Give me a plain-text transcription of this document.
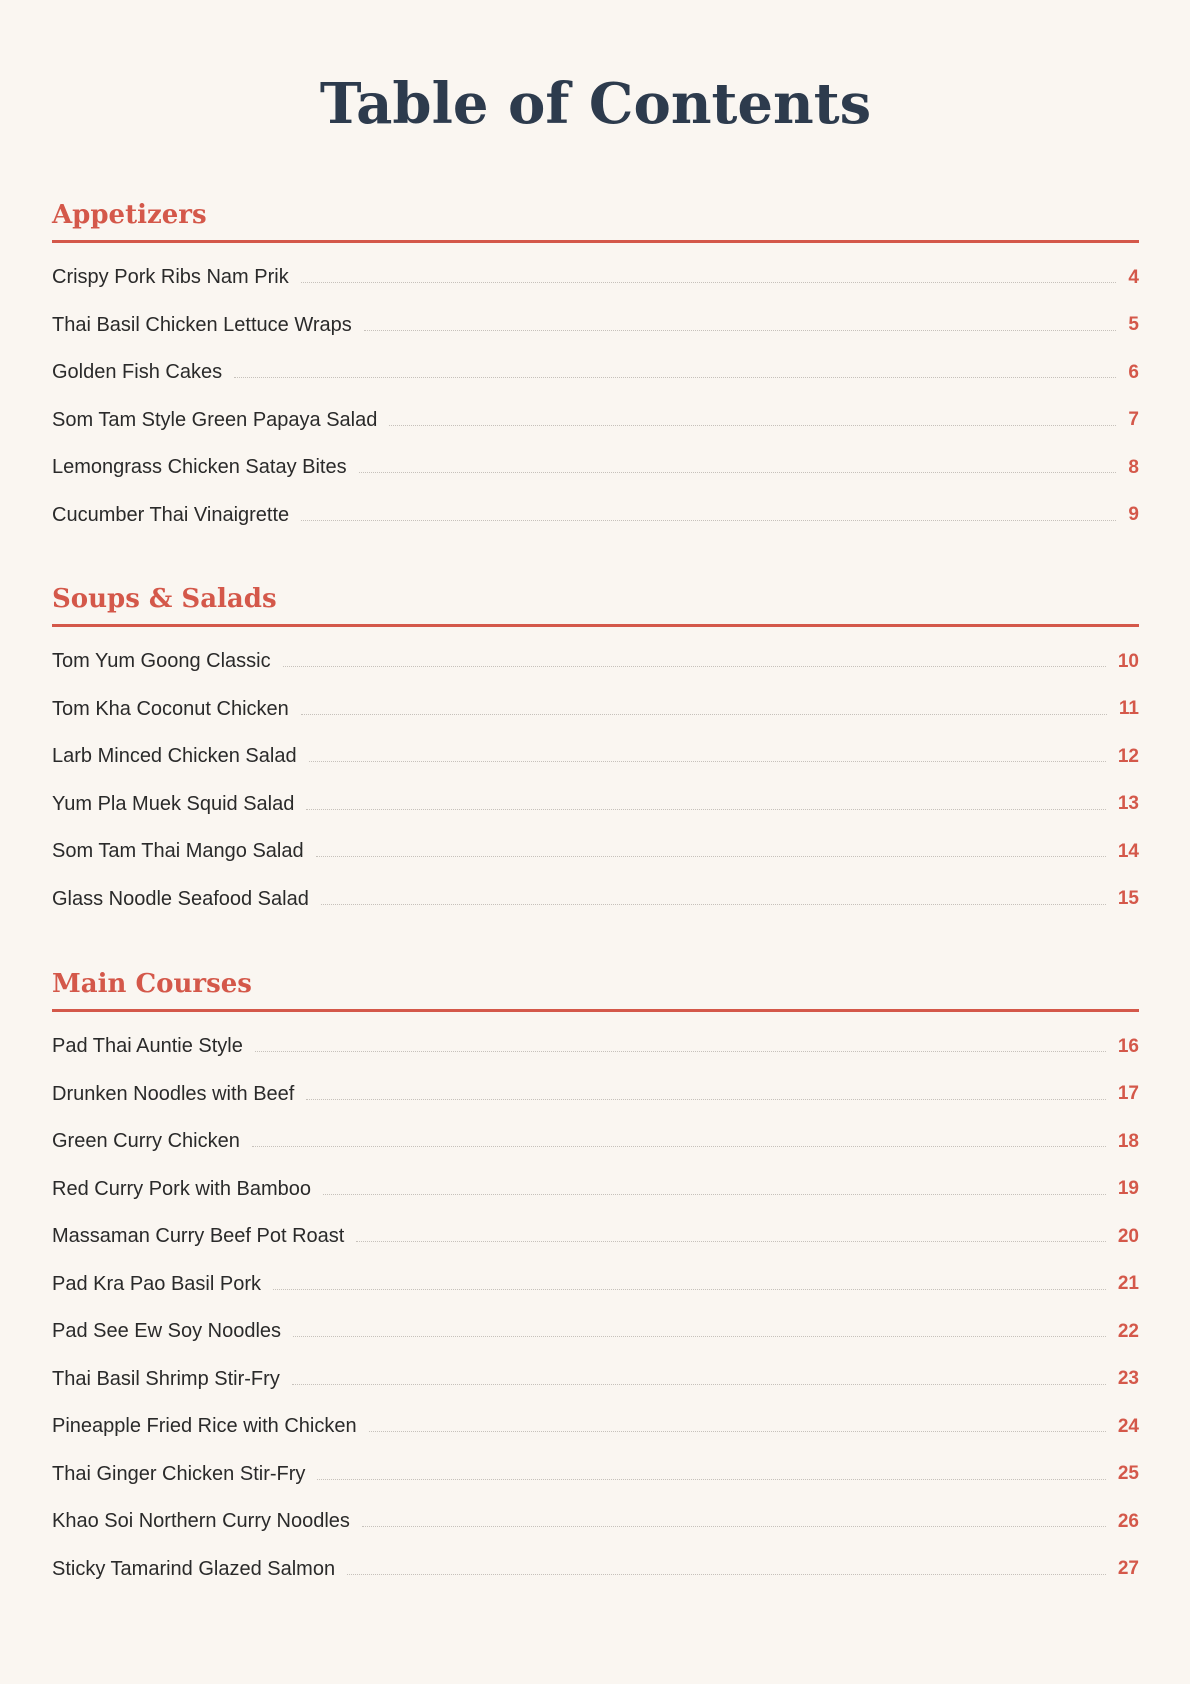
Table of Contents
Appetizers
Crispy Pork Ribs Nam Prik	4
Thai Basil Chicken Lettuce Wraps	5
Golden Fish Cakes	6
Som Tam Style Green Papaya Salad	7
Lemongrass Chicken Satay Bites	8
Cucumber Thai Vinaigrette	9
Soups & Salads
Tom Yum Goong Classic	10
Tom Kha Coconut Chicken	11
Larb Minced Chicken Salad	12
Yum Pla Muek Squid Salad	13
Som Tam Thai Mango Salad	14
Glass Noodle Seafood Salad	15
Main Courses
Pad Thai Auntie Style	16
Drunken Noodles with Beef	17
Green Curry Chicken	18
Red Curry Pork with Bamboo	19
Massaman Curry Beef Pot Roast	20
Pad Kra Pao Basil Pork	21
Pad See Ew Soy Noodles	22
Thai Basil Shrimp Stir-Fry	23
Pineapple Fried Rice with Chicken	24
Thai Ginger Chicken Stir-Fry	25
Khao Soi Northern Curry Noodles	26
Sticky Tamarind Glazed Salmon	27
